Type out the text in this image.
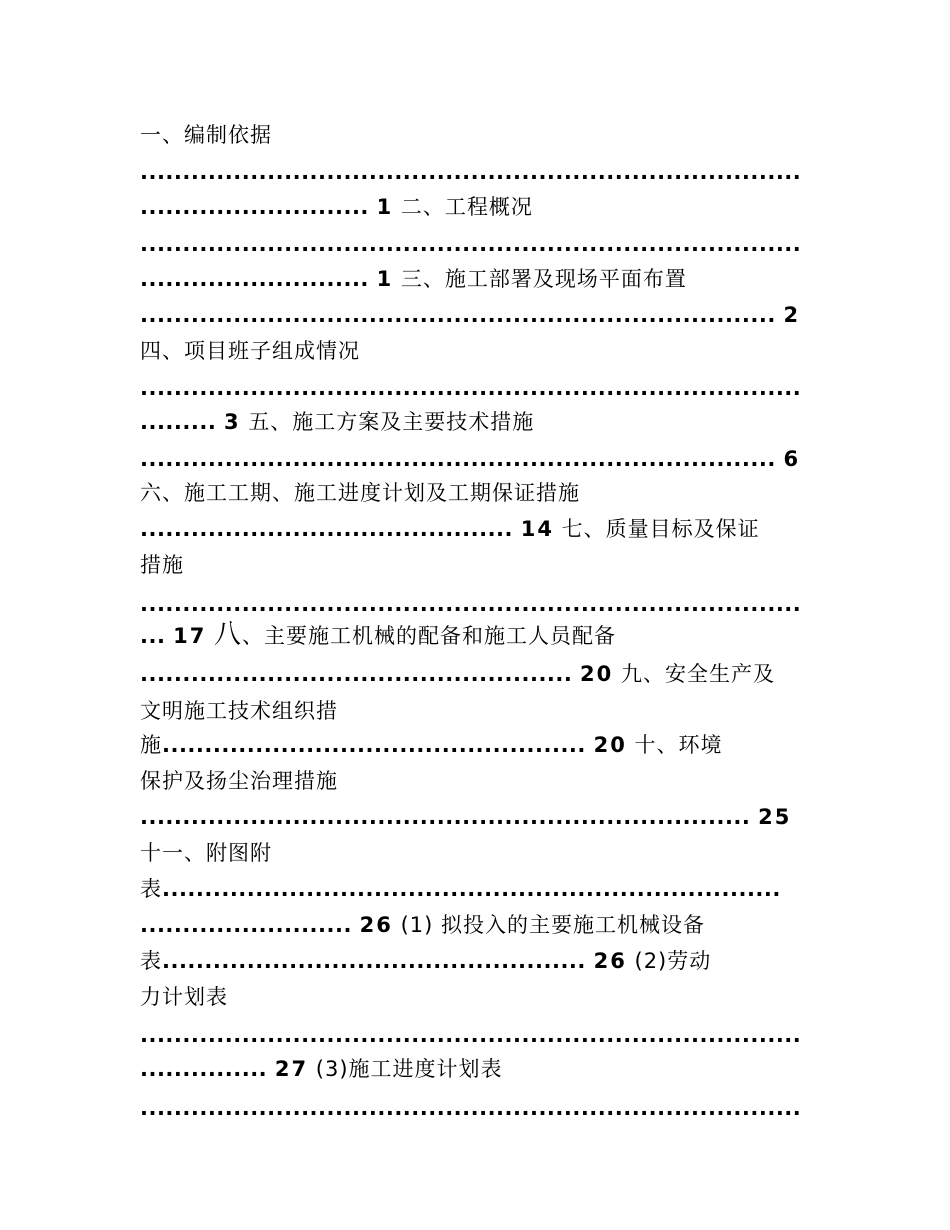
一、编制依据
..............................................................................
........................... 1 二、工程概况
..............................................................................
........................... 1 三、施工部署及现场平面布置
........................................................................... 2
四、项目班子组成情况
..............................................................................
......... 3 五、施工方案及主要技术措施
........................................................................... 6
六、施工工期、施工进度计划及工期保证措施
............................................ 14 七、质量目标及保证
措施
..............................................................................
... 17 八、主要施工机械的配备和施工人员配备
................................................... 20 九、安全生产及
文明施工技术组织措
施.................................................. 20 十、环境
保护及扬尘治理措施
........................................................................ 25
十一、附图附
表.........................................................................
......................... 26 (1) 拟投入的主要施工机械设备
表.................................................. 26 (2)劳动
力计划表
..............................................................................
............... 27 (3)施工进度计划表
..............................................................................
